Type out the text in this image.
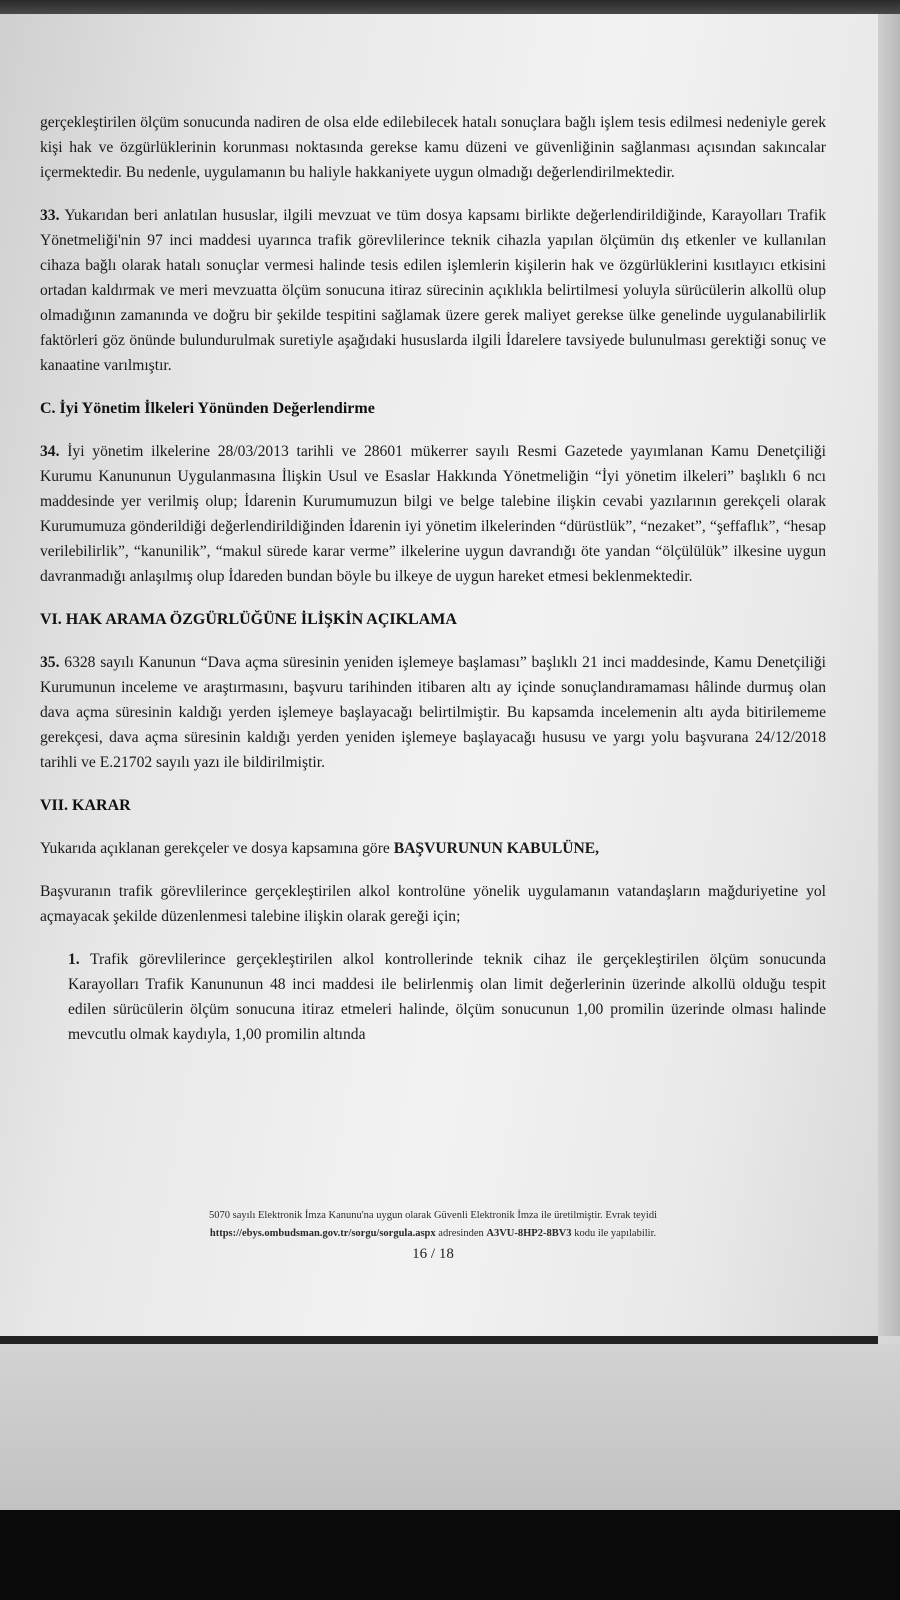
gerçekleştirilen ölçüm sonucunda nadiren de olsa elde edilebilecek hatalı sonuçlara bağlı işlem tesis edilmesi nedeniyle gerek kişi hak ve özgürlüklerinin korunması noktasında gerekse kamu düzeni ve güvenliğinin sağlanması açısından sakıncalar içermektedir. Bu nedenle, uygulamanın bu haliyle hakkaniyete uygun olmadığı değerlendirilmektedir.

33. Yukarıdan beri anlatılan hususlar, ilgili mevzuat ve tüm dosya kapsamı birlikte değerlendirildiğinde, Karayolları Trafik Yönetmeliği'nin 97 inci maddesi uyarınca trafik görevlilerince teknik cihazla yapılan ölçümün dış etkenler ve kullanılan cihaza bağlı olarak hatalı sonuçlar vermesi halinde tesis edilen işlemlerin kişilerin hak ve özgürlüklerini kısıtlayıcı etkisini ortadan kaldırmak ve meri mevzuatta ölçüm sonucuna itiraz sürecinin açıklıkla belirtilmesi yoluyla sürücülerin alkollü olup olmadığının zamanında ve doğru bir şekilde tespitini sağlamak üzere gerek maliyet gerekse ülke genelinde uygulanabilirlik faktörleri göz önünde bulundurulmak suretiyle aşağıdaki hususlarda ilgili İdarelere tavsiyede bulunulması gerektiği sonuç ve kanaatine varılmıştır.

C. İyi Yönetim İlkeleri Yönünden Değerlendirme

34. İyi yönetim ilkelerine 28/03/2013 tarihli ve 28601 mükerrer sayılı Resmi Gazetede yayımlanan Kamu Denetçiliği Kurumu Kanununun Uygulanmasına İlişkin Usul ve Esaslar Hakkında Yönetmeliğin “İyi yönetim ilkeleri” başlıklı 6 ncı maddesinde yer verilmiş olup; İdarenin Kurumumuzun bilgi ve belge talebine ilişkin cevabi yazılarının gerekçeli olarak Kurumumuza gönderildiği değerlendirildiğinden İdarenin iyi yönetim ilkelerinden “dürüstlük”, “nezaket”, “şeffaflık”, “hesap verilebilirlik”, “kanunilik”, “makul sürede karar verme” ilkelerine uygun davrandığı öte yandan “ölçülülük” ilkesine uygun davranmadığı anlaşılmış olup İdareden bundan böyle bu ilkeye de uygun hareket etmesi beklenmektedir.

VI. HAK ARAMA ÖZGÜRLÜĞÜNE İLİŞKİN AÇIKLAMA

35. 6328 sayılı Kanunun “Dava açma süresinin yeniden işlemeye başlaması” başlıklı 21 inci maddesinde, Kamu Denetçiliği Kurumunun inceleme ve araştırmasını, başvuru tarihinden itibaren altı ay içinde sonuçlandıramaması hâlinde durmuş olan dava açma süresinin kaldığı yerden işlemeye başlayacağı belirtilmiştir. Bu kapsamda incelemenin altı ayda bitirilememe gerekçesi, dava açma süresinin kaldığı yerden yeniden işlemeye başlayacağı hususu ve yargı yolu başvurana 24/12/2018 tarihli ve E.21702 sayılı yazı ile bildirilmiştir.

VII. KARAR

Yukarıda açıklanan gerekçeler ve dosya kapsamına göre BAŞVURUNUN KABULÜNE,

Başvuranın trafik görevlilerince gerçekleştirilen alkol kontrolüne yönelik uygulamanın vatandaşların mağduriyetine yol açmayacak şekilde düzenlenmesi talebine ilişkin olarak gereği için;

1. Trafik görevlilerince gerçekleştirilen alkol kontrollerinde teknik cihaz ile gerçekleştirilen ölçüm sonucunda Karayolları Trafik Kanununun 48 inci maddesi ile belirlenmiş olan limit değerlerinin üzerinde alkollü olduğu tespit edilen sürücülerin ölçüm sonucuna itiraz etmeleri halinde, ölçüm sonucunun 1,00 promilin üzerinde olması halinde mevcutlu olmak kaydıyla, 1,00 promilin altında

5070 sayılı Elektronik İmza Kanunu'na uygun olarak Güvenli Elektronik İmza ile üretilmiştir. Evrak teyidi
https://ebys.ombudsman.gov.tr/sorgu/sorgula.aspx adresinden A3VU-8HP2-8BV3 kodu ile yapılabilir.
16 / 18
